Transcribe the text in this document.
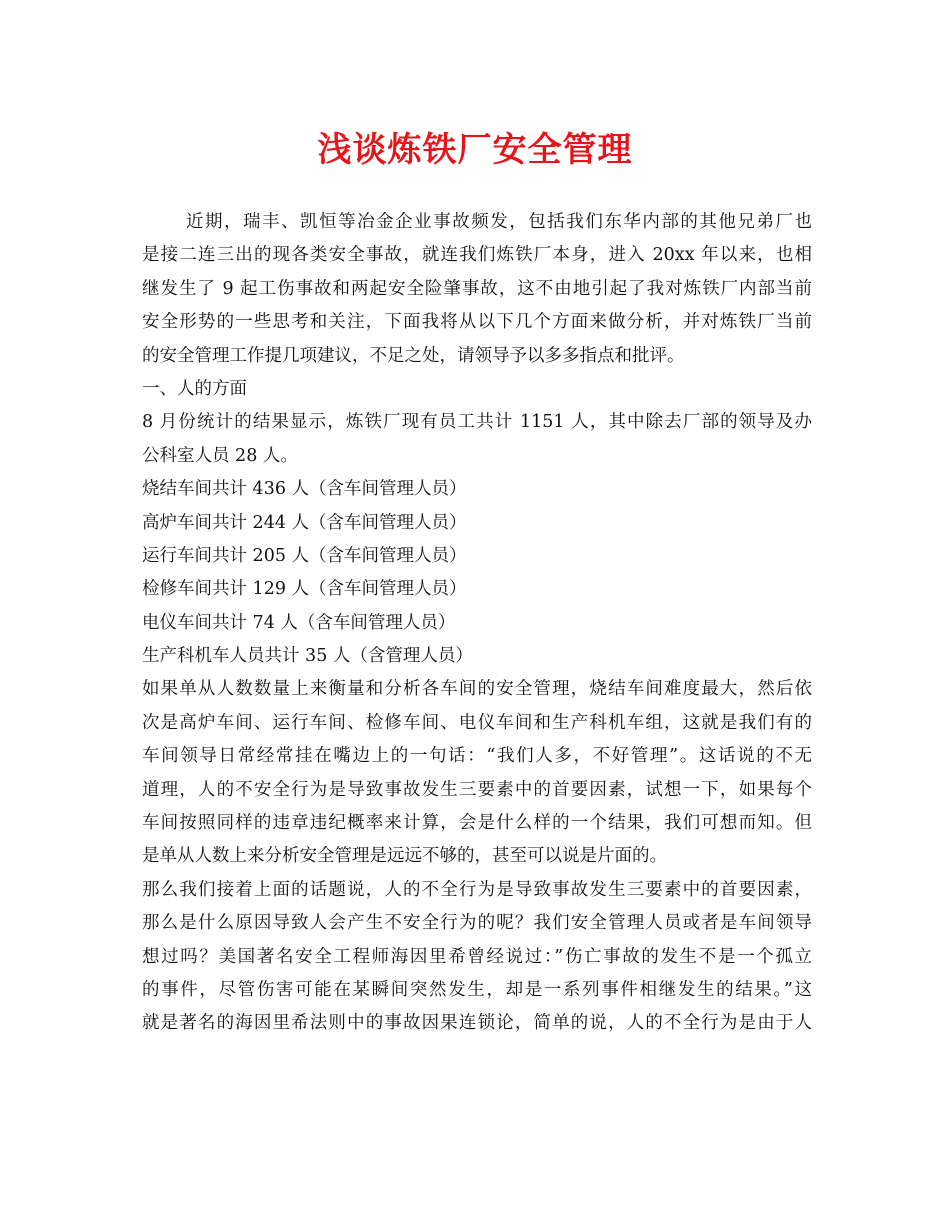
浅谈炼铁厂安全管理
近期，瑞丰、凯恒等冶金企业事故频发，包括我们东华内部的其他兄弟厂也
是接二连三出的现各类安全事故，就连我们炼铁厂本身，进入 20xx 年以来，也相
继发生了 9 起工伤事故和两起安全险肇事故，这不由地引起了我对炼铁厂内部当前
安全形势的一些思考和关注，下面我将从以下几个方面来做分析，并对炼铁厂当前
的安全管理工作提几项建议，不足之处，请领导予以多多指点和批评。
一、人的方面
8 月份统计的结果显示，炼铁厂现有员工共计 1151 人，其中除去厂部的领导及办
公科室人员 28 人。
烧结车间共计 436 人（含车间管理人员）
高炉车间共计 244 人（含车间管理人员）
运行车间共计 205 人（含车间管理人员）
检修车间共计 129 人（含车间管理人员）
电仪车间共计 74 人（含车间管理人员）
生产科机车人员共计 35 人（含管理人员）
如果单从人数数量上来衡量和分析各车间的安全管理，烧结车间难度最大，然后依
次是高炉车间、运行车间、检修车间、电仪车间和生产科机车组，这就是我们有的
车间领导日常经常挂在嘴边上的一句话：“我们人多，不好管理”。这话说的不无
道理，人的不安全行为是导致事故发生三要素中的首要因素，试想一下，如果每个
车间按照同样的违章违纪概率来计算，会是什么样的一个结果，我们可想而知。但
是单从人数上来分析安全管理是远远不够的，甚至可以说是片面的。
那么我们接着上面的话题说，人的不全行为是导致事故发生三要素中的首要因素，
那么是什么原因导致人会产生不安全行为的呢？我们安全管理人员或者是车间领导
想过吗？美国著名安全工程师海因里希曾经说过：”伤亡事故的发生不是一个孤立
的事件，尽管伤害可能在某瞬间突然发生，却是一系列事件相继发生的结果。”这
就是著名的海因里希法则中的事故因果连锁论，简单的说，人的不全行为是由于人
